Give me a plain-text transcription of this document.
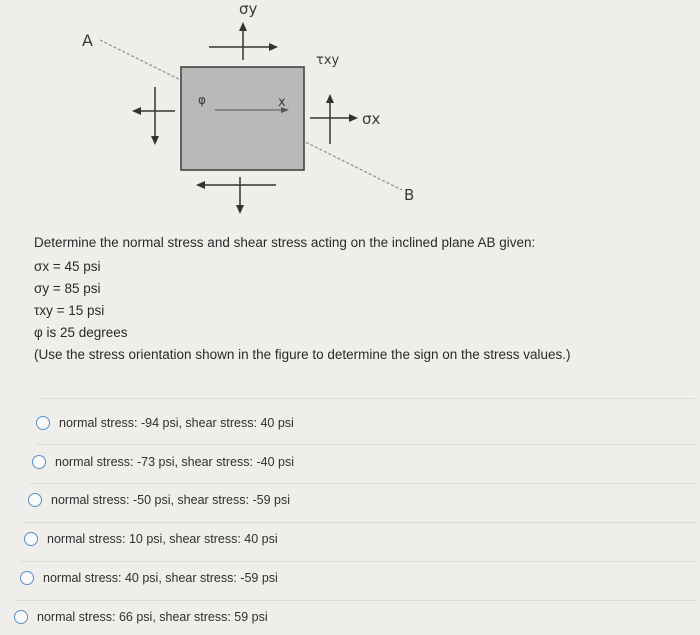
A
B
σy
σx
τxy
φ	x
Determine the normal stress and shear stress acting on the inclined plane AB given:
σx = 45 psi
σy = 85 psi
τxy = 15 psi
φ is 25 degrees
(Use the stress orientation shown in the figure to determine the sign on the stress values.)
normal stress: -94 psi, shear stress: 40 psi
normal stress: -73 psi, shear stress: -40 psi
normal stress: -50 psi, shear stress: -59 psi
normal stress: 10 psi, shear stress: 40 psi
normal stress: 40 psi, shear stress: -59 psi
normal stress: 66 psi, shear stress: 59 psi
